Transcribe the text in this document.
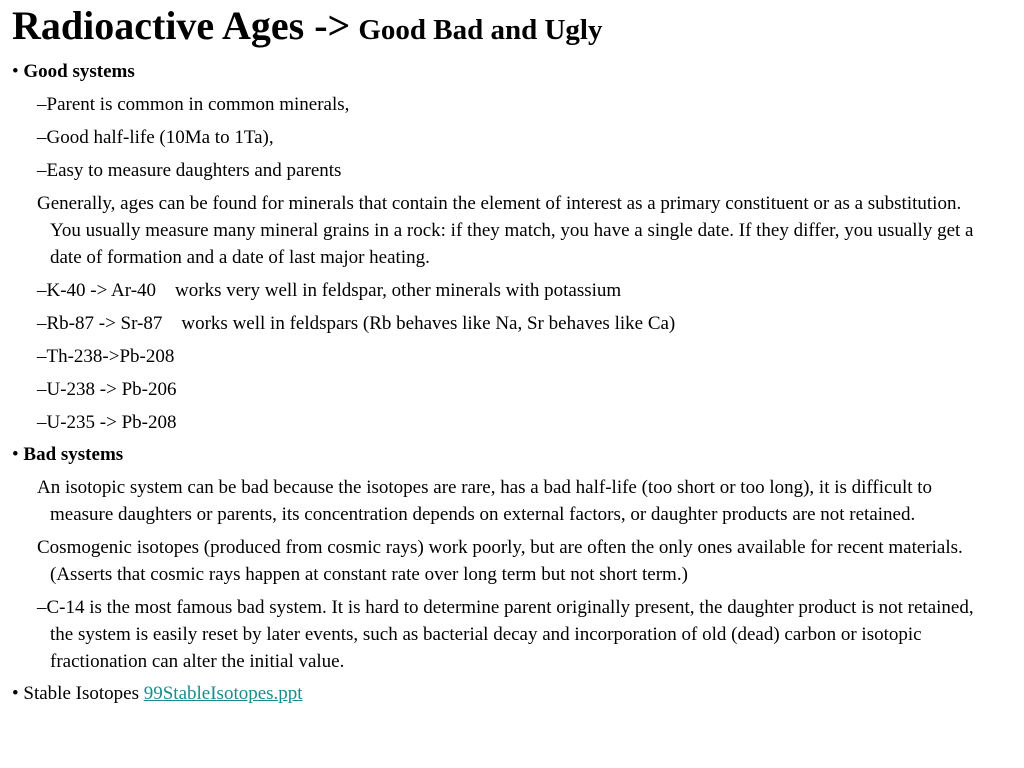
Radioactive Ages -> Good Bad and Ugly

• Good systems

–Parent is common in common minerals,

–Good half-life (10Ma to 1Ta),

–Easy to measure daughters and parents

Generally, ages can be found for minerals that contain the element of interest as a primary constituent or as a substitution. You usually measure many mineral grains in a rock: if they match, you have a single date. If they differ, you usually get a date of formation and a date of last major heating.

–K-40 -> Ar-40    works very well in feldspar, other minerals with potassium

–Rb-87 -> Sr-87    works well in feldspars (Rb behaves like Na, Sr behaves like Ca)

–Th-238->Pb-208

–U-238 -> Pb-206

–U-235 -> Pb-208

• Bad systems

An isotopic system can be bad because the isotopes are rare, has a bad half-life (too short or too long), it is difficult to measure daughters or parents, its concentration depends on external factors, or daughter products are not retained.

Cosmogenic isotopes (produced from cosmic rays) work poorly, but are often the only ones available for recent materials. (Asserts that cosmic rays happen at constant rate over long term but not short term.)

–C-14 is the most famous bad system. It is hard to determine parent originally present, the daughter product is not retained, the system is easily reset by later events, such as bacterial decay and incorporation of old (dead) carbon or isotopic fractionation can alter the initial value.

• Stable Isotopes 99StableIsotopes.ppt
